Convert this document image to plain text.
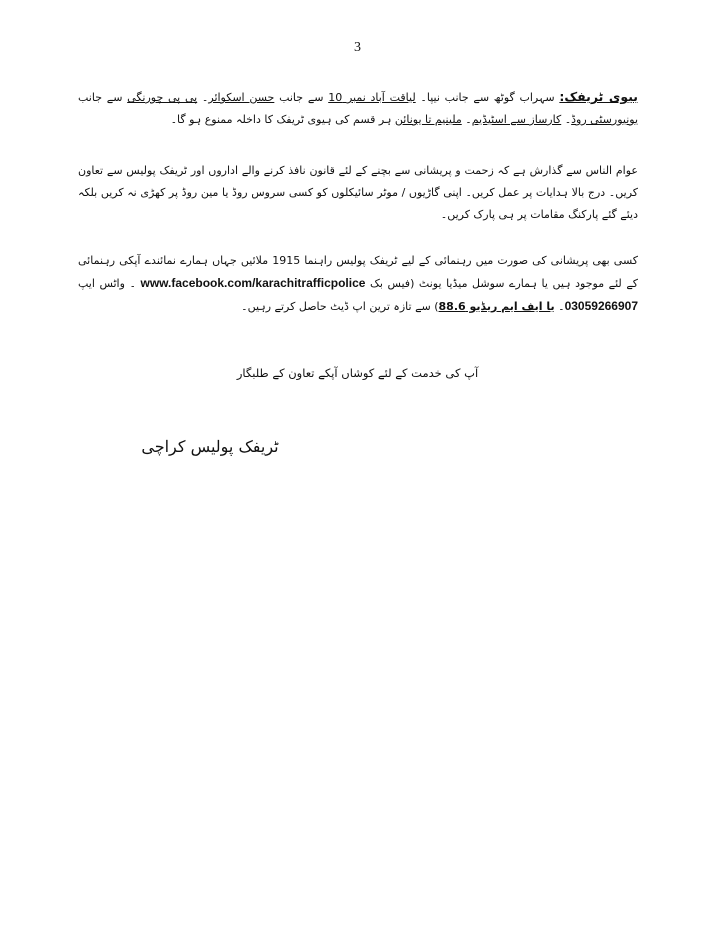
3
بیوی ٹریفک: سہراب گوٹھ سے جانب نیپا۔ لیاقت آباد نمبر 10 سے جانب حسن اسکوائر۔ پی پی چورنگی سے جانب یونیورسٹی روڈ۔ کارساز سے اسٹیڈیم۔ ملینیم تا یونائن ہر قسم کی ہیوی ٹریفک کا داخلہ ممنوع ہو گا۔
عوام الناس سے گذارش ہے کہ زحمت و پریشانی سے بچنے کے لئے قانون نافذ کرنے والے اداروں اور ٹریفک پولیس سے تعاون کریں۔ درج بالا ہدایات پر عمل کریں۔ اپنی گاڑیوں / موٹر سائیکلوں کو کسی سروس روڈ یا مین روڈ پر کھڑی نہ کریں بلکہ دیئے گئے پارکنگ مقامات پر ہی پارک کریں۔
کسی بھی پریشانی کی صورت میں رہنمائی کے لیے ٹریفک پولیس راہنما 1915 ملائیں جہاں ہمارے نمائندے آپکی رہنمائی کے لئے موجود ہیں یا ہمارے سوشل میڈیا یونٹ (فیس بک www.facebook.com/karachitrafficpolice ۔ واٹس ایپ 03059266907۔ یا ایف ایم ریڈیو 88.6) سے تازہ ترین اپ ڈیٹ حاصل کرتے رہیں۔
آپ کی خدمت کے لئے کوشاں آپکے تعاون کے طلبگار
ٹریفک پولیس کراچی
